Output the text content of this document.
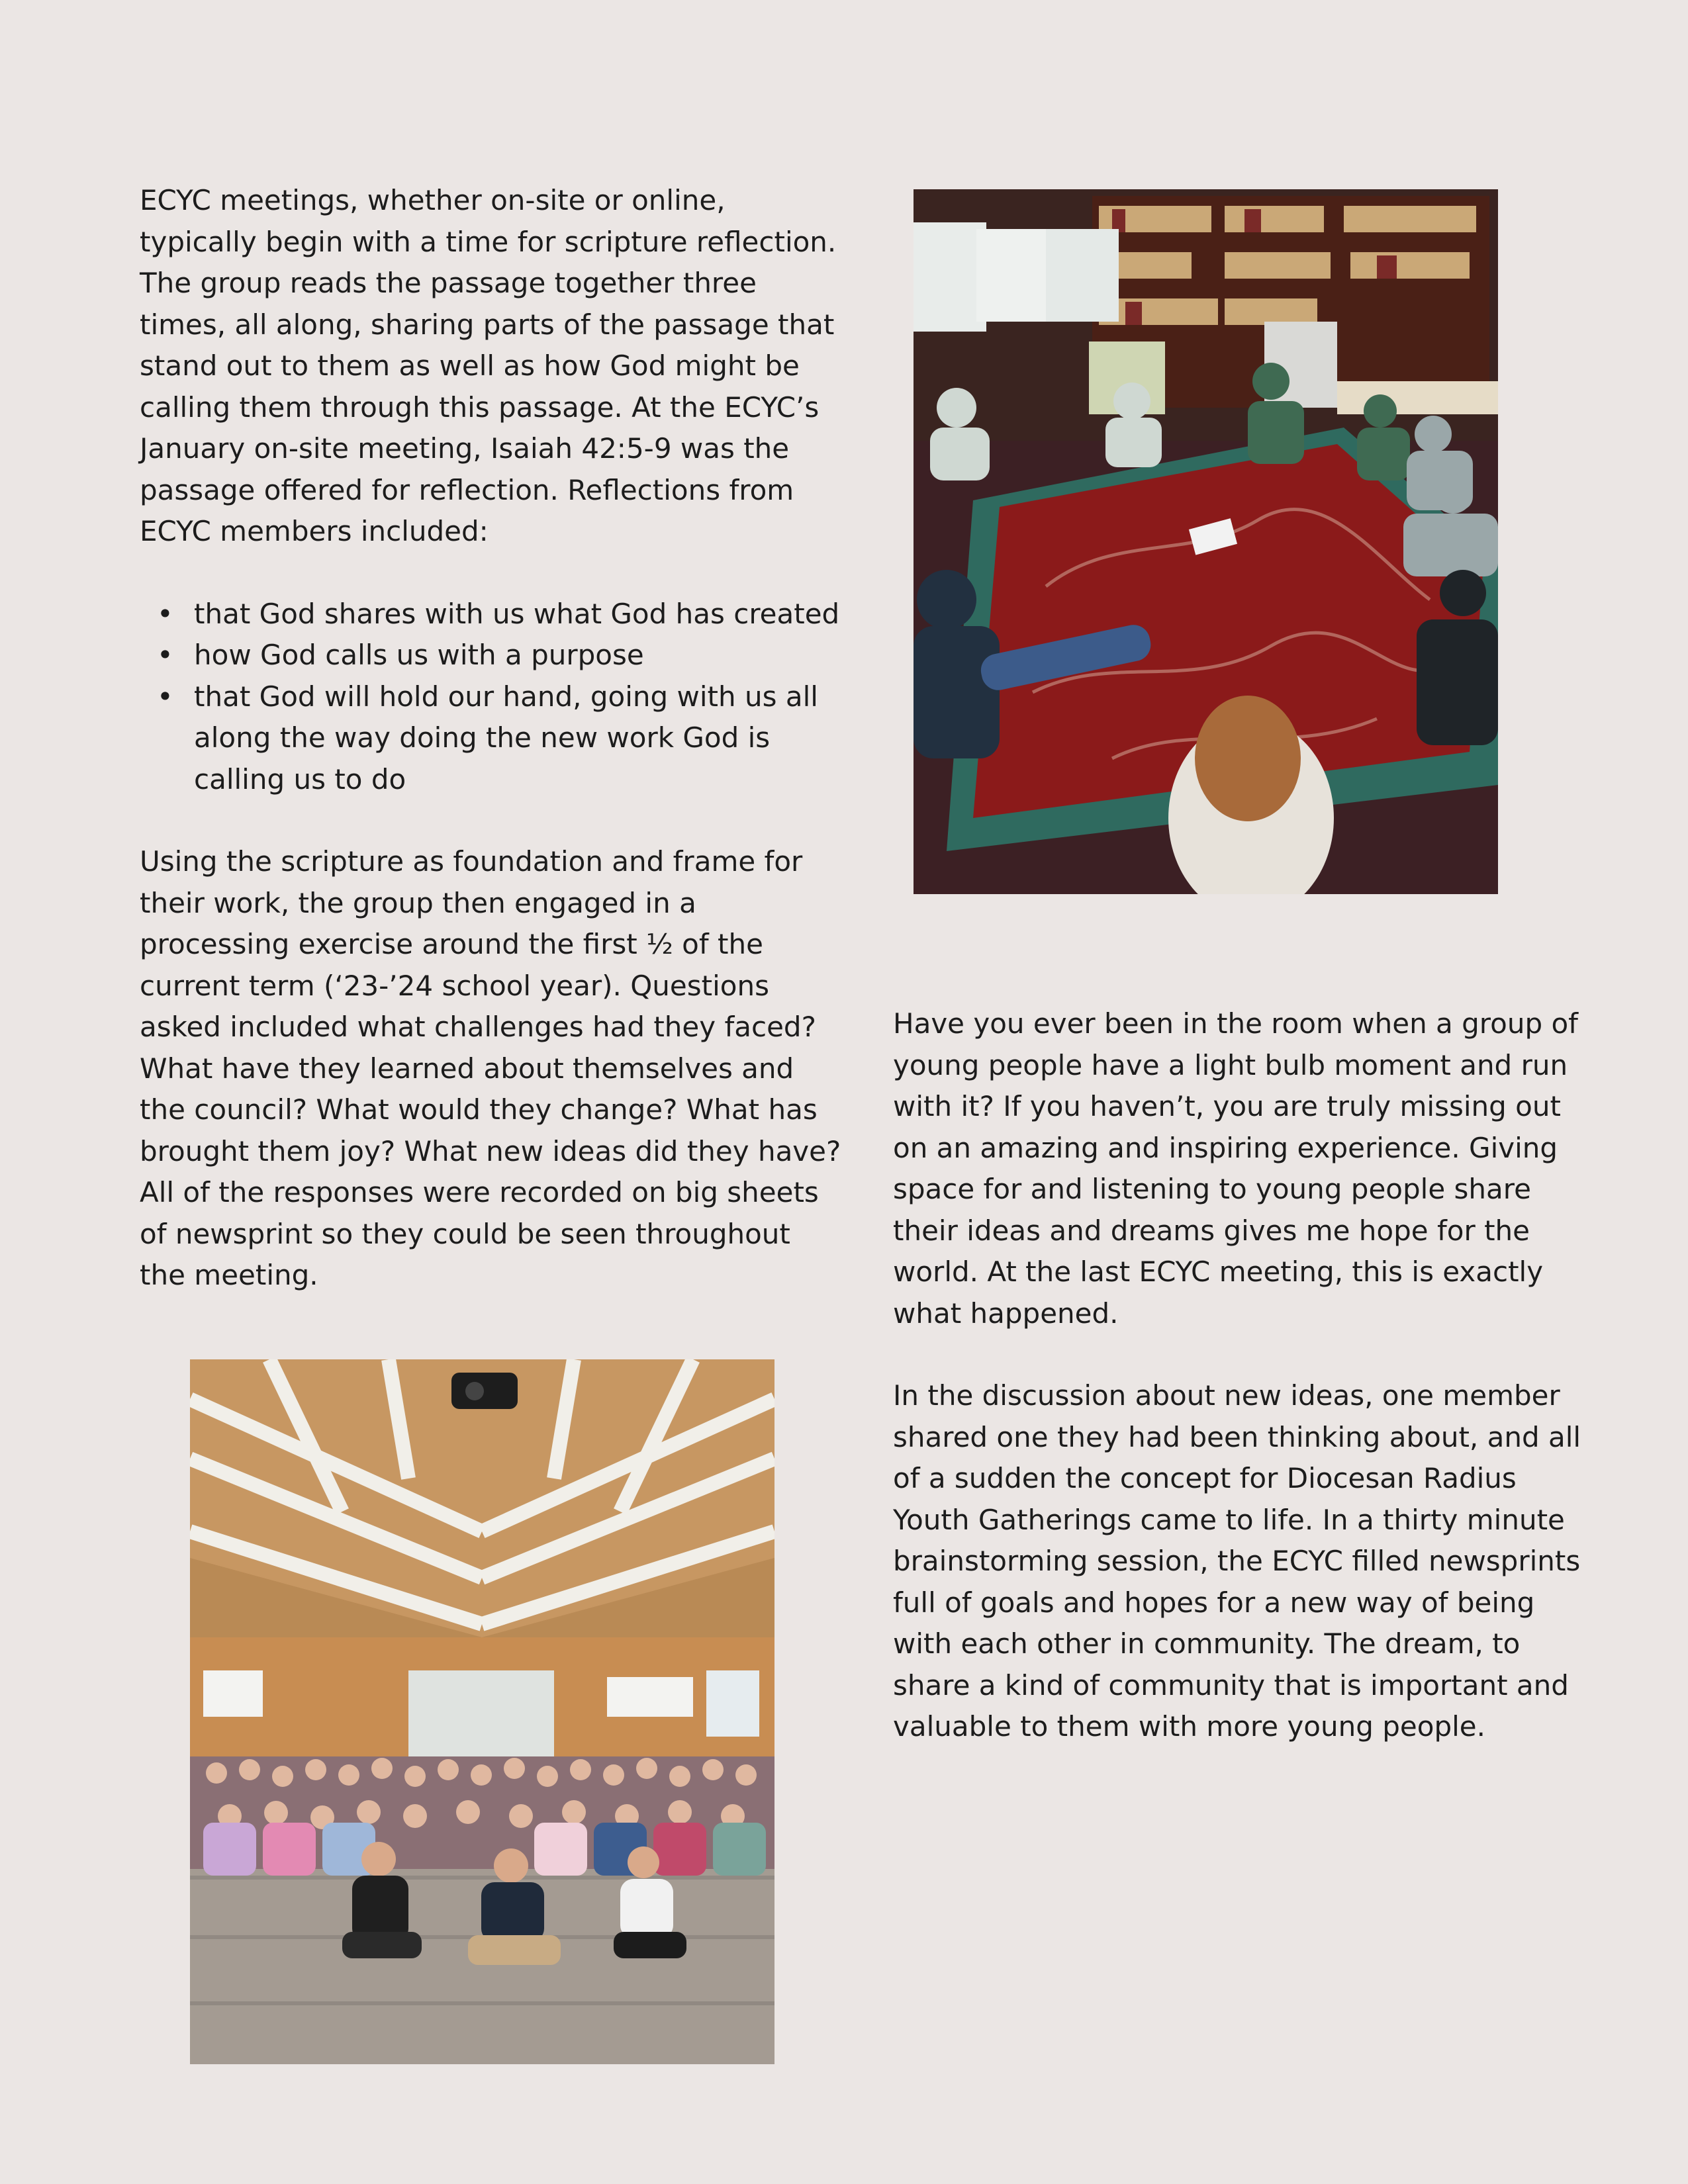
ECYC meetings, whether on-site or online, typically begin with a time for scripture reflection. The group reads the passage together three times, all along, sharing parts of the passage that stand out to them as well as how God might be calling them through this passage. At the ECYC’s January on-site meeting, Isaiah 42:5-9 was the passage offered for reflection. Reflections from ECYC members included:

• that God shares with us what God has created
• how God calls us with a purpose
• that God will hold our hand, going with us all along the way doing the new work God is calling us to do

Using the scripture as foundation and frame for their work, the group then engaged in a processing exercise around the first ½ of the current term (‘23-’24 school year). Questions asked included what challenges had they faced? What have they learned about themselves and the council? What would they change? What has brought them joy? What new ideas did they have? All of the responses were recorded on big sheets of newsprint so they could be seen throughout the meeting.

Have you ever been in the room when a group of young people have a light bulb moment and run with it? If you haven’t, you are truly missing out on an amazing and inspiring experience. Giving space for and listening to young people share their ideas and dreams gives me hope for the world. At the last ECYC meeting, this is exactly what happened.

In the discussion about new ideas, one member shared one they had been thinking about, and all of a sudden the concept for Diocesan Radius Youth Gatherings came to life. In a thirty minute brainstorming session, the ECYC filled newsprints full of goals and hopes for a new way of being with each other in community. The dream, to share a kind of community that is important and valuable to them with more young people.
